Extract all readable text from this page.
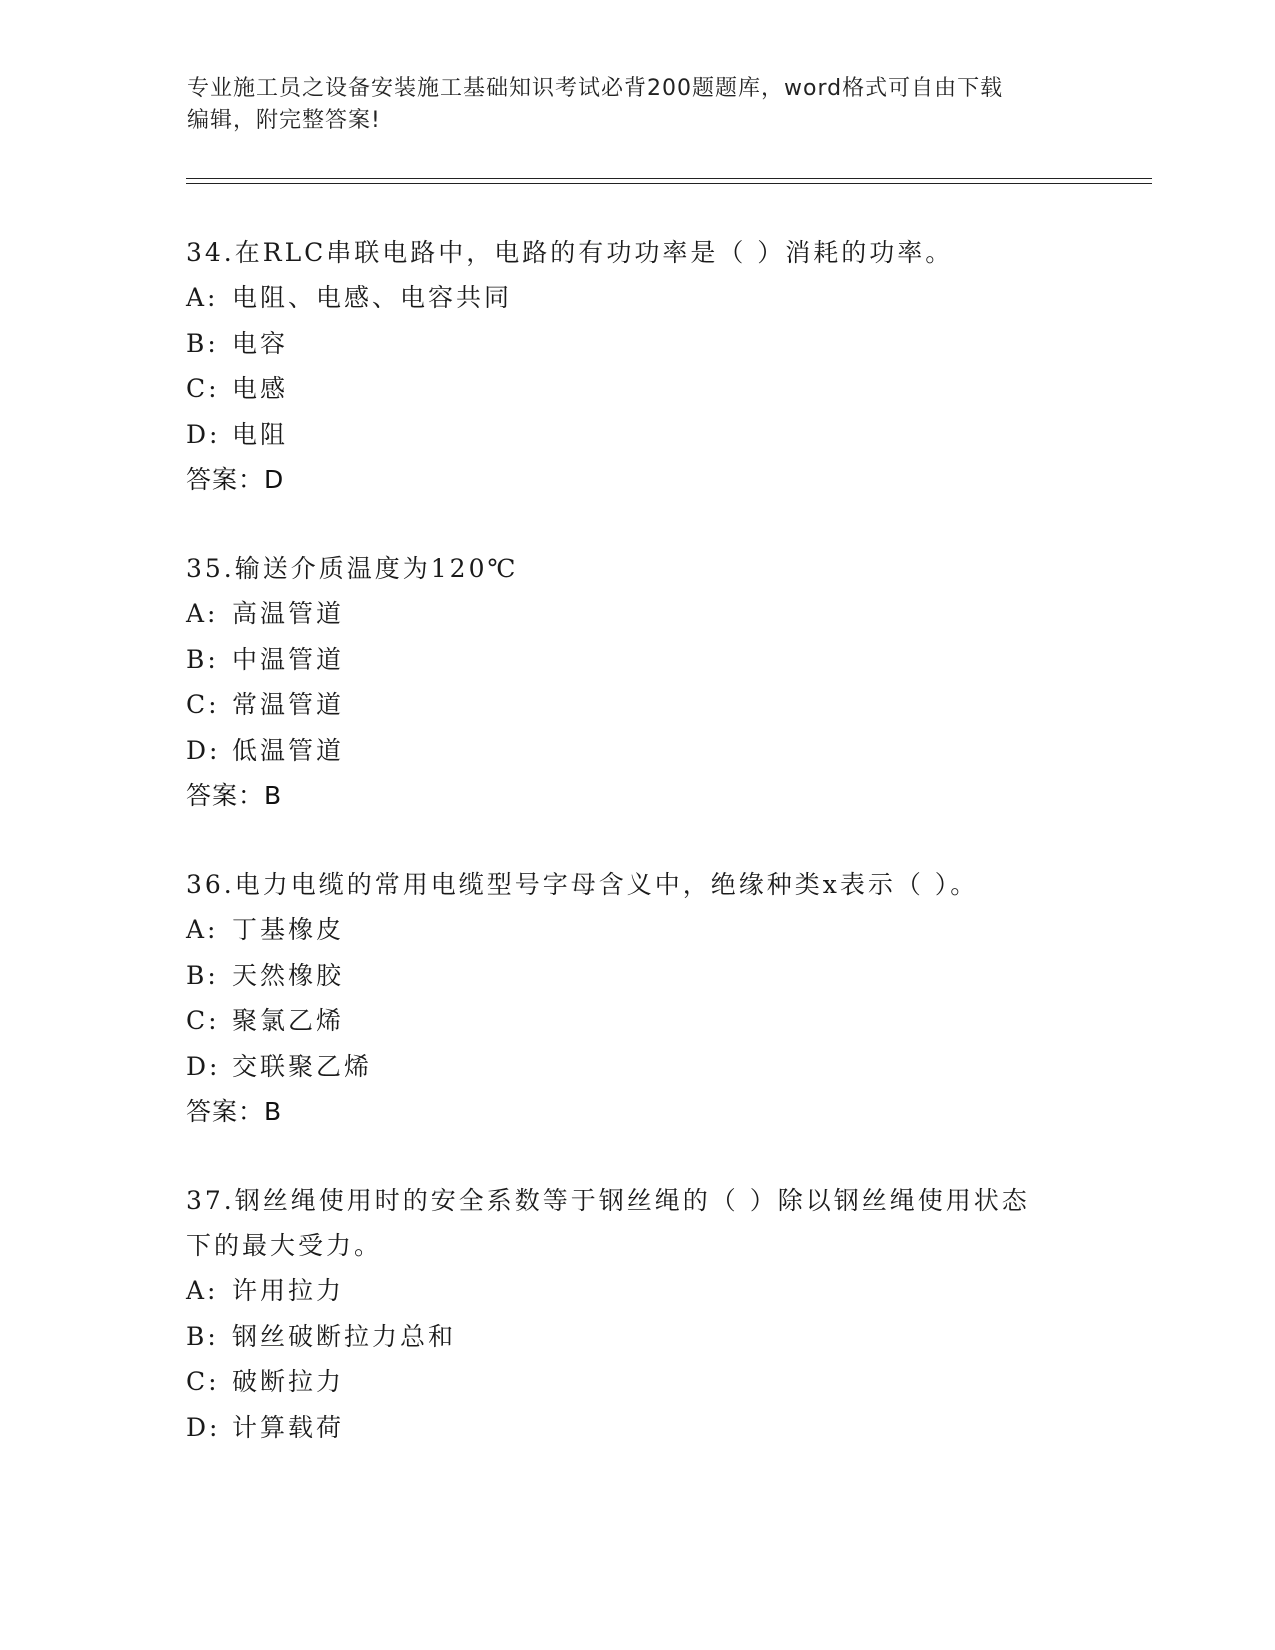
专业施工员之设备安装施工基础知识考试必背200题题库，word格式可自由下载
编辑，附完整答案!
34.在RLC串联电路中，电路的有功功率是（ ）消耗的功率。
A: 电阻、电感、电容共同
B: 电容
C: 电感
D: 电阻
答案：D
35.输送介质温度为120℃
A: 高温管道
B: 中温管道
C: 常温管道
D: 低温管道
答案：B
36.电力电缆的常用电缆型号字母含义中，绝缘种类x表示（ ）。
A: 丁基橡皮
B: 天然橡胶
C: 聚氯乙烯
D: 交联聚乙烯
答案：B
37.钢丝绳使用时的安全系数等于钢丝绳的（ ）除以钢丝绳使用状态
下的最大受力。
A: 许用拉力
B: 钢丝破断拉力总和
C: 破断拉力
D: 计算载荷
